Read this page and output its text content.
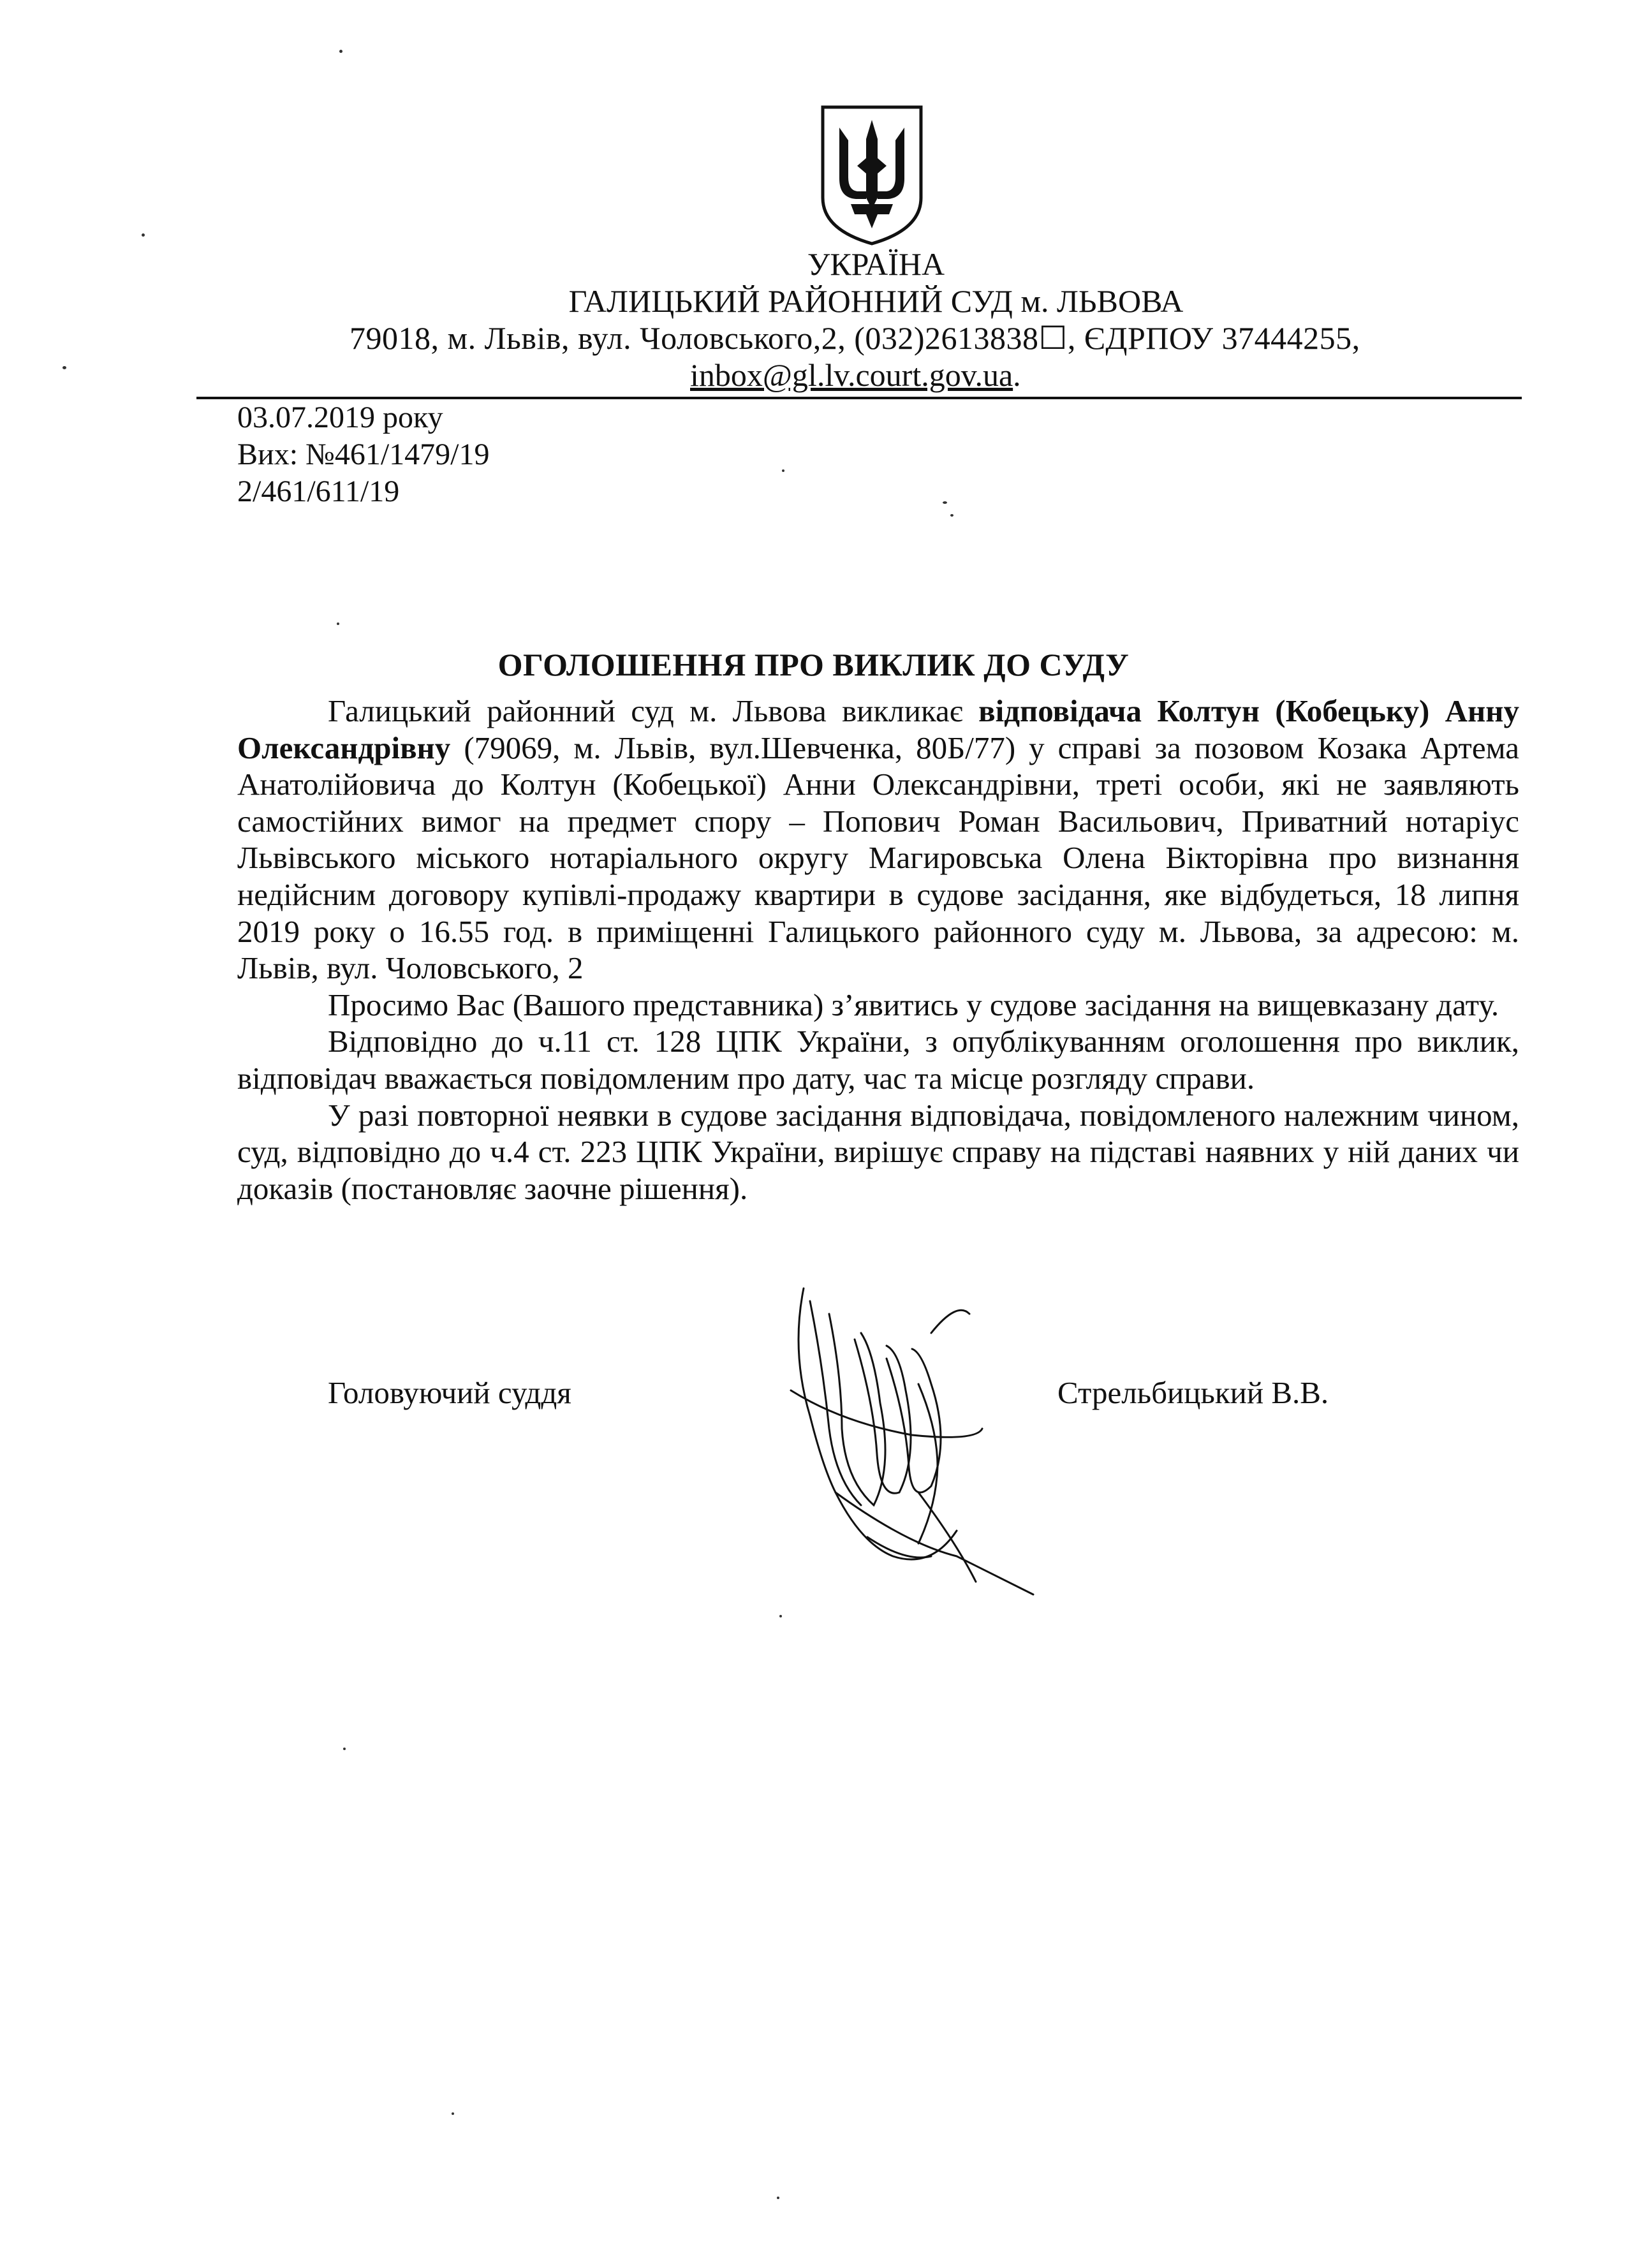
УКРАЇНА
ГАЛИЦЬКИЙ РАЙОННИЙ СУД м. ЛЬВОВА
79018, м. Львів, вул. Чоловського,2, (032)2613838☐, ЄДРПОУ 37444255,
inbox@gl.lv.court.gov.ua.
03.07.2019 року
Вих: №461/1479/19
2/461/611/19
ОГОЛОШЕННЯ ПРО ВИКЛИК ДО СУДУ

Галицький районний суд м. Львова викликає відповідача Колтун (Кобецьку) Анну Олександрівну (79069, м. Львів, вул.Шевченка, 80Б/77) у справі за позовом Козака Артема Анатолійовича до Колтун (Кобецької) Анни Олександрівни, треті особи, які не заявляють самостійних вимог на предмет спору – Попович Роман Васильович, Приватний нотаріус Львівського міського нотаріального округу Магировська Олена Вікторівна про визнання недійсним договору купівлі-продажу квартири в судове засідання, яке відбудеться, 18 липня 2019 року о 16.55 год. в приміщенні Галицького районного суду м. Львова, за адресою: м. Львів, вул. Чоловського, 2

Просимо Вас (Вашого представника) з’явитись у судове засідання на вищевказану дату.

Відповідно до ч.11 ст. 128 ЦПК України, з опублікуванням оголошення про виклик, відповідач вважається повідомленим про дату, час та місце розгляду справи.

У разі повторної неявки в судове засідання відповідача, повідомленого належним чином, суд, відповідно до ч.4 ст. 223 ЦПК України, вирішує справу на підставі наявних у ній даних чи доказів (постановляє заочне рішення).

Головуючий суддя	Стрельбицький В.В.
